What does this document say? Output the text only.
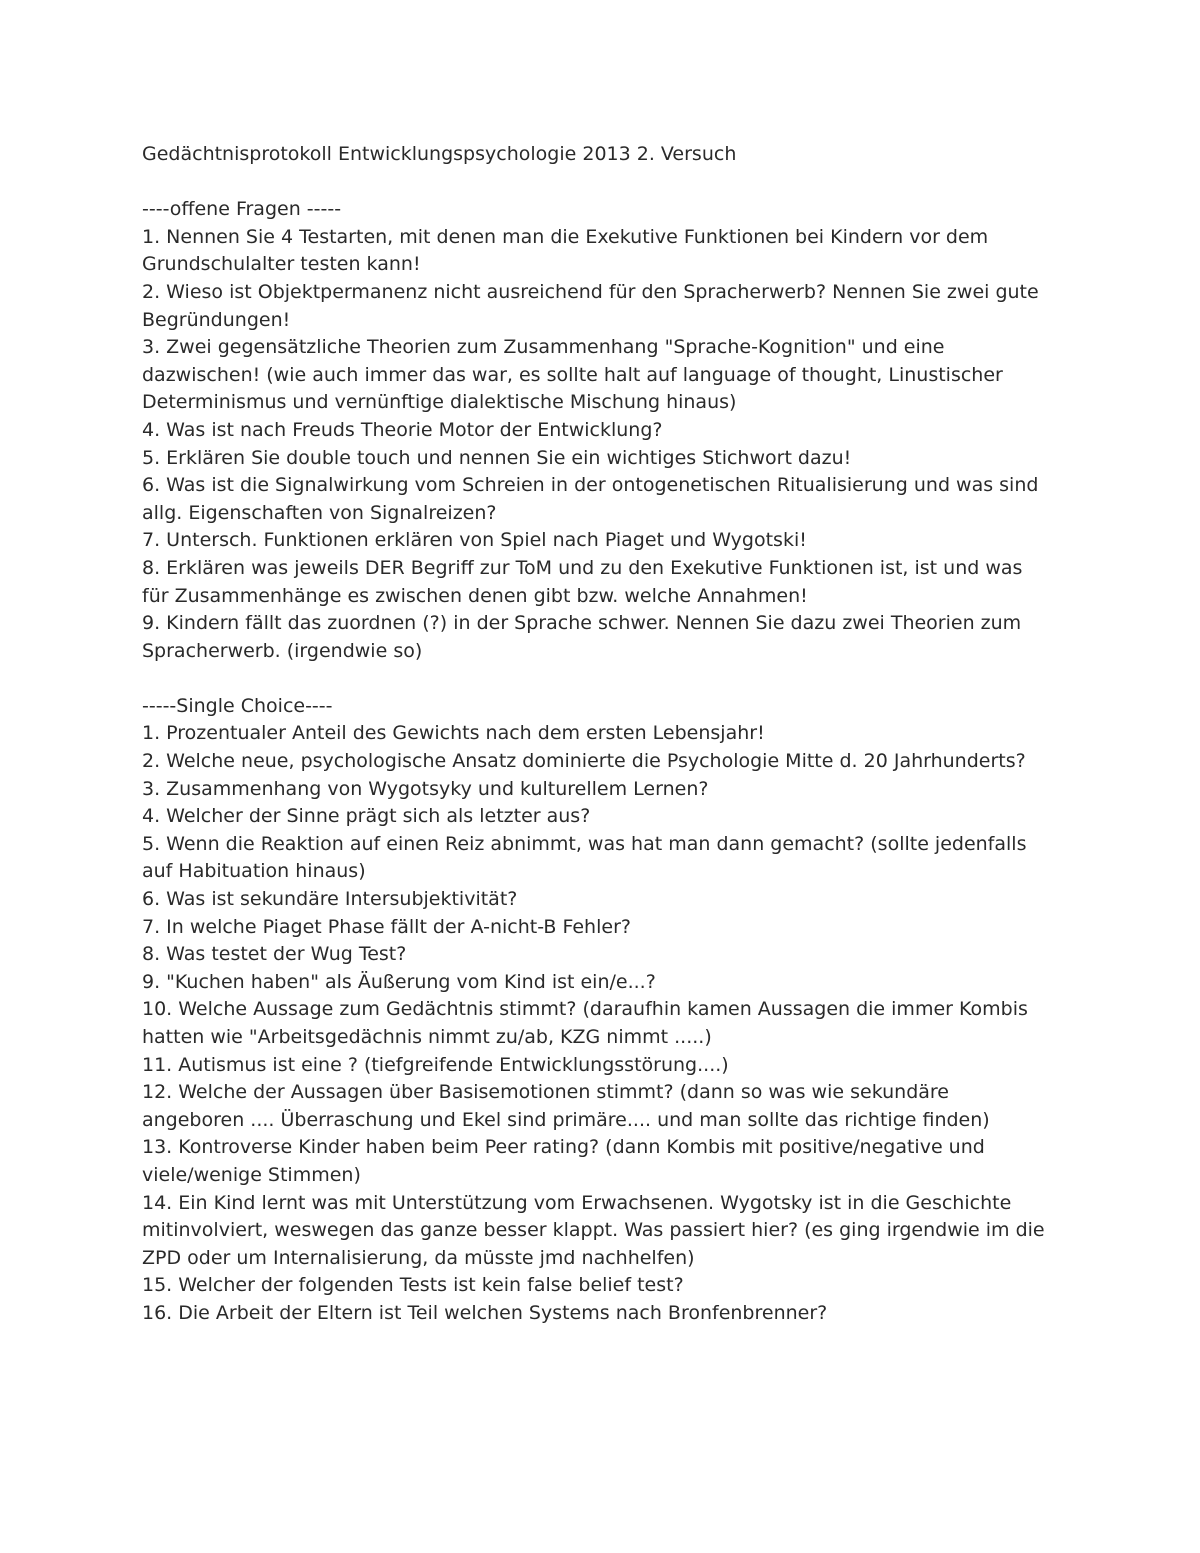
Gedächtnisprotokoll Entwicklungspsychologie 2013 2. Versuch
----offene Fragen -----
1. Nennen Sie 4 Testarten, mit denen man die Exekutive Funktionen bei Kindern vor dem
Grundschulalter testen kann!
2. Wieso ist Objektpermanenz nicht ausreichend für den Spracherwerb? Nennen Sie zwei gute
Begründungen!
3. Zwei gegensätzliche Theorien zum Zusammenhang "Sprache-Kognition" und eine
dazwischen! (wie auch immer das war, es sollte halt auf language of thought, Linustischer
Determinismus und vernünftige dialektische Mischung hinaus)
4. Was ist nach Freuds Theorie Motor der Entwicklung?
5. Erklären Sie double touch und nennen Sie ein wichtiges Stichwort dazu!
6. Was ist die Signalwirkung vom Schreien in der ontogenetischen Ritualisierung und was sind
allg. Eigenschaften von Signalreizen?
7. Untersch. Funktionen erklären von Spiel nach Piaget und Wygotski!
8. Erklären was jeweils DER Begriff zur ToM und zu den Exekutive Funktionen ist, ist und was
für Zusammenhänge es zwischen denen gibt bzw. welche Annahmen!
9. Kindern fällt das zuordnen (?) in der Sprache schwer. Nennen Sie dazu zwei Theorien zum
Spracherwerb. (irgendwie so)
-----Single Choice----
1. Prozentualer Anteil des Gewichts nach dem ersten Lebensjahr!
2. Welche neue, psychologische Ansatz dominierte die Psychologie Mitte d. 20 Jahrhunderts?
3. Zusammenhang von Wygotsyky und kulturellem Lernen?
4. Welcher der Sinne prägt sich als letzter aus?
5. Wenn die Reaktion auf einen Reiz abnimmt, was hat man dann gemacht? (sollte jedenfalls
auf Habituation hinaus)
6. Was ist sekundäre Intersubjektivität?
7. In welche Piaget Phase fällt der A-nicht-B Fehler?
8. Was testet der Wug Test?
9. "Kuchen haben" als Äußerung vom Kind ist ein/e...?
10. Welche Aussage zum Gedächtnis stimmt? (daraufhin kamen Aussagen die immer Kombis
hatten wie "Arbeitsgedächnis nimmt zu/ab, KZG nimmt .....)
11. Autismus ist eine ? (tiefgreifende Entwicklungsstörung....)
12. Welche der Aussagen über Basisemotionen stimmt? (dann so was wie sekundäre
angeboren .... Überraschung und Ekel sind primäre.... und man sollte das richtige finden)
13. Kontroverse Kinder haben beim Peer rating? (dann Kombis mit positive/negative und
viele/wenige Stimmen)
14. Ein Kind lernt was mit Unterstützung vom Erwachsenen. Wygotsky ist in die Geschichte
mitinvolviert, weswegen das ganze besser klappt. Was passiert hier? (es ging irgendwie im die
ZPD oder um Internalisierung, da müsste jmd nachhelfen)
15. Welcher der folgenden Tests ist kein false belief test?
16. Die Arbeit der Eltern ist Teil welchen Systems nach Bronfenbrenner?
